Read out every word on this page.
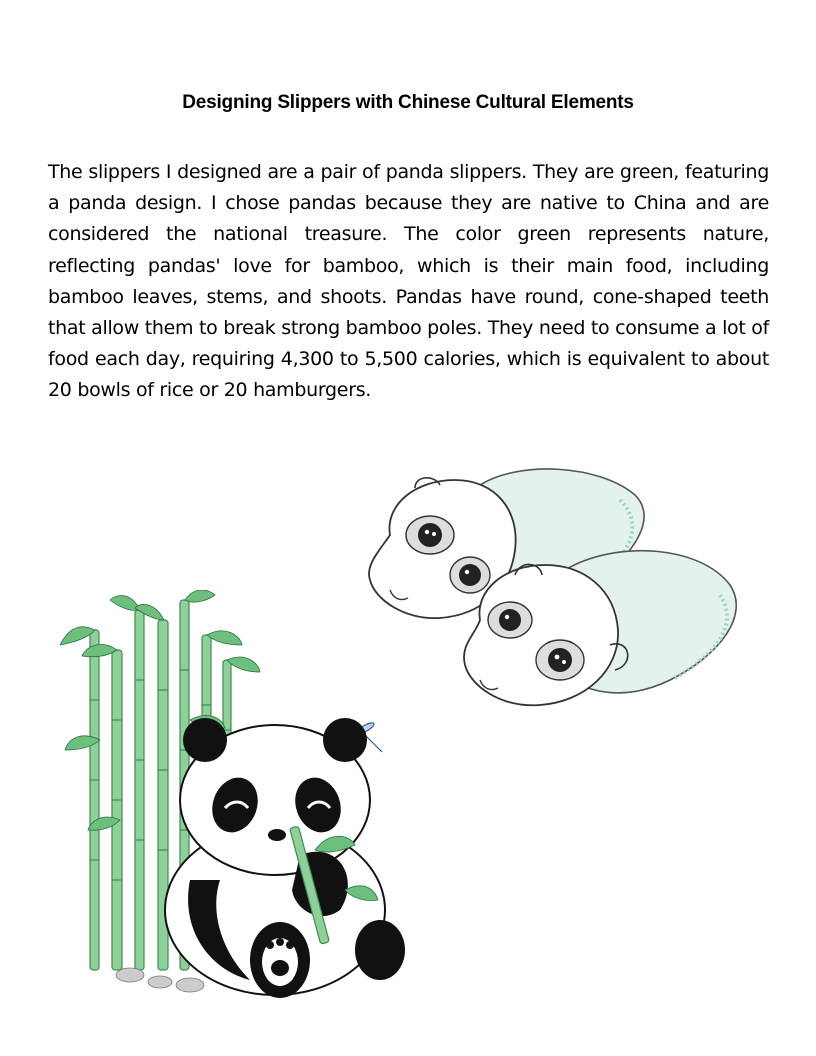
Designing Slippers with Chinese Cultural Elements
The slippers I designed are a pair of panda slippers. They are green, featuring a panda design. I chose pandas because they are native to China and are considered the national treasure. The color green represents nature, reflecting pandas' love for bamboo, which is their main food, including bamboo leaves, stems, and shoots. Pandas have round, cone-shaped teeth that allow them to break strong bamboo poles. They need to consume a lot of food each day, requiring 4,300 to 5,500 calories, which is equivalent to about 20 bowls of rice or 20 hamburgers.
